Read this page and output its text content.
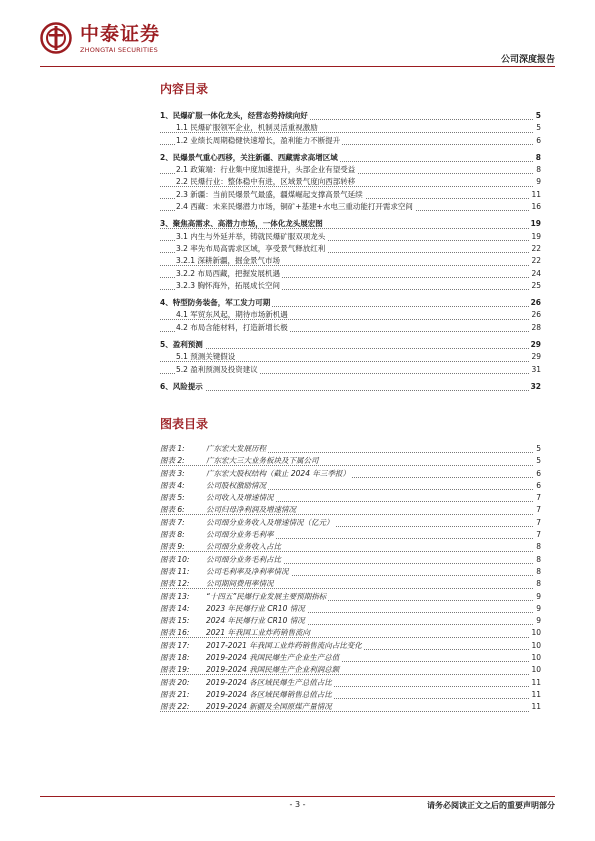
中泰证券
ZHONGTAI SECURITIES
公司深度报告
内容目录
1、民爆矿服一体化龙头，经营态势持续向好	5
1.1 民爆矿服领军企业，机制灵活重视激励	5
1.2 业绩长周期稳健快速增长，盈利能力不断提升	6
2、民爆景气重心西移，关注新疆、西藏需求高增区域	8
2.1 政策端：行业集中度加速提升，头部企业有望受益	8
2.2 民爆行业：整体稳中有进，区域景气度向西部转移	9
2.3 新疆：当前民爆景气最盛，疆煤崛起支撑高景气延续	11
2.4 西藏：未来民爆潜力市场，铜矿+基建+水电三重动能打开需求空间	16
3、聚焦高需求、高潜力市场，一体化龙头展宏图	19
3.1 内生与外延并举，铸就民爆矿服双项龙头	19
3.2 率先布局高需求区域，享受景气释放红利	22
3.2.1 深耕新疆，掘金景气市场	22
3.2.2 布局西藏，把握发展机遇	24
3.2.3 胸怀海外，拓展成长空间	25
4、特型防务装备，军工发力可期	26
4.1 军贸东风起，期待市场新机遇	26
4.2 布局含能材料，打造新增长极	28
5、盈利预测	29
5.1 预测关键假设	29
5.2 盈利预测及投资建议	31
6、风险提示	32
图表目录
图表 1:	广东宏大发展历程	5
图表 2:	广东宏大三大业务板块及下属公司	5
图表 3:	广东宏大股权结构（截止 2024 年三季报）	6
图表 4:	公司股权激励情况	6
图表 5:	公司收入及增速情况	7
图表 6:	公司归母净利润及增速情况	7
图表 7:	公司细分业务收入及增速情况（亿元）	7
图表 8:	公司细分业务毛利率	7
图表 9:	公司细分业务收入占比	8
图表 10: 公司细分业务毛利占比	8
图表 11: 公司毛利率及净利率情况	8
图表 12: 公司期间费用率情况	8
图表 13: “十四五”民爆行业发展主要预期指标	9
图表 14: 2023 年民爆行业 CR10 情况	9
图表 15: 2024 年民爆行业 CR10 情况	9
图表 16: 2021 年我国工业炸药销售流向	10
图表 17: 2017-2021 年我国工业炸药销售流向占比变化	10
图表 18: 2019-2024 我国民爆生产企业生产总值	10
图表 19: 2019-2024 我国民爆生产企业利润总额	10
图表 20: 2019-2024 各区域民爆生产总值占比	11
图表 21: 2019-2024 各区域民爆销售总值占比	11
图表 22: 2019-2024 新疆及全国原煤产量情况	11
- 3 -	请务必阅读正文之后的重要声明部分
